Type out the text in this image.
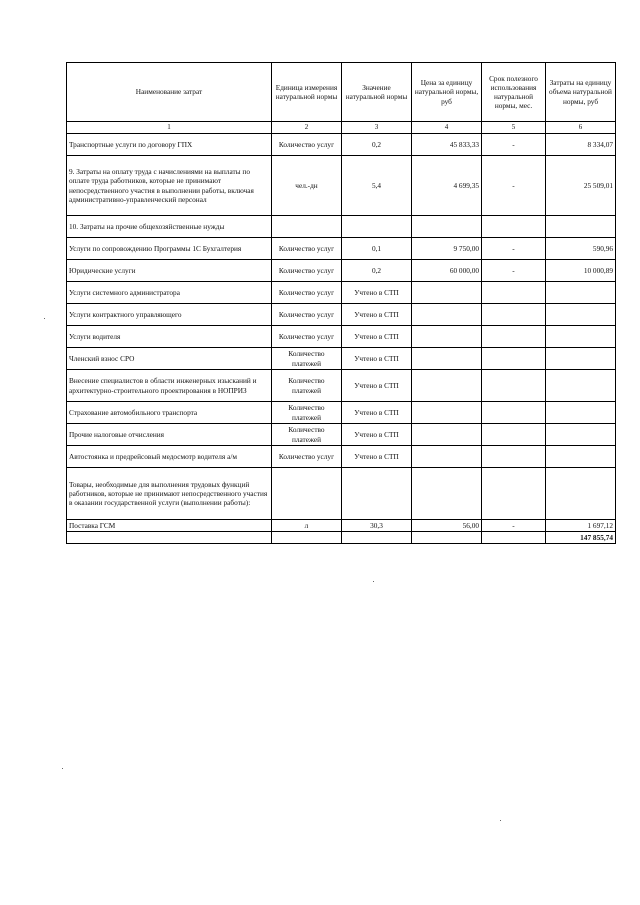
Наименование затрат	Единица измерения натуральной нормы	Значение натуральной нормы	Цена за единицу натуральной нормы, руб	Срок полезного использования натуральной нормы, мес.	Затраты на единицу объема натуральной нормы, руб
1	2	3	4	5	6
Транспортные услуги по договору ГПХ	Количество услуг	0,2	45 833,33	-	8 334,07
9. Затраты на оплату труда с начислениями на выплаты по оплате труда работников, которые не принимают непосредственного участия в выполнении работы, включая административно-управленческий персонал	чел.-дн	5,4	4 699,35	-	25 509,01
10. Затраты на прочие общехозяйственные нужды					
Услуги по сопровождению Программы 1С Бухгалтерия	Количество услуг	0,1	9 750,00	-	590,96
Юридические услуги	Количество услуг	0,2	60 000,00	-	10 000,89
Услуги системного администратора	Количество услуг	Учтено в СТП			
Услуги контрактного управляющего	Количество услуг	Учтено в СТП			
Услуги водителя	Количество услуг	Учтено в СТП			
Членский взнос СРО	Количество платежей	Учтено в СТП			
Внесение специалистов в области инженерных изысканий и архитектурно-строительного проектирования в НОПРИЗ	Количество платежей	Учтено в СТП			
Страхование автомобильного транспорта	Количество платежей	Учтено в СТП			
Прочие налоговые отчисления	Количество платежей	Учтено в СТП			
Автостоянка и предрейсовый медосмотр водителя а/м	Количество услуг	Учтено в СТП			
Товары, необходимые для выполнения трудовых функций работников, которые не принимают непосредственного участия в оказании государственной услуги (выполнении работы):					
Поставка ГСМ	л	30,3	56,00	-	1 697,12
					147 855,74
